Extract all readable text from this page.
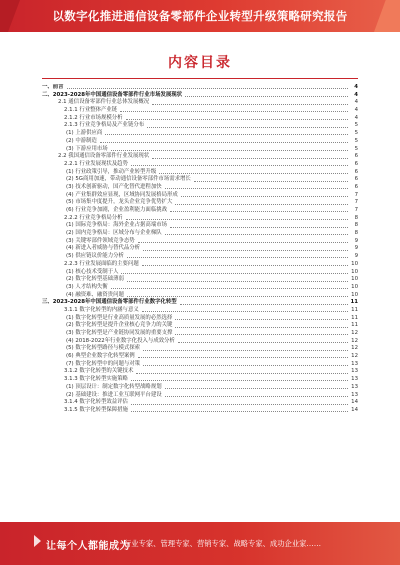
以数字化推进通信设备零部件企业转型升级策略研究报告
内容目录
一、前言	4
二、2023-2028年中国通信设备零部件行业市场发展现状	4
2.1 通信设备零部件行业总体发展概况	4
2.1.1 行业整体产业链	4
2.1.2 行业市场规模分析	4
2.1.3 行业竞争格局及产业链分布	5
(1) 上游供应商	5
(2) 中游制造	5
(3) 下游应用市场	5
2.2 我国通信设备零部件行业发展现状	6
2.2.1 行业发展现状及趋势	6
(1) 行业政策引导，推动产业转型升级	6
(2) 5G商用加速，带动通信设备零部件市场需求增长	6
(3) 技术创新驱动，国产化替代进程加快	6
(4) 产业集群效应显现，区域协同发展格局形成	7
(5) 市场集中度提升，龙头企业竞争优势扩大	7
(6) 行业竞争加剧，企业盈利能力面临挑战	7
2.2.2 行业竞争格局分析	8
(1) 国际竞争格局：海外企业占据高端市场	8
(2) 国内竞争格局：区域分布与企业梯队	8
(3) 关键零部件领域竞争态势	9
(4) 新进入者威胁与替代品分析	9
(5) 供应链议价能力分析	9
2.2.3 行业发展面临的主要问题	10
(1) 核心技术受制于人	10
(2) 数字化转型基础薄弱	10
(3) 人才结构失衡	10
(4) 融资难、融资贵问题	10
三、2023-2028年中国通信设备零部件行业数字化转型	11
3.1.1 数字化转型的内涵与意义	11
(1) 数字化转型是行业高质量发展的必然选择	11
(2) 数字化转型是提升企业核心竞争力的关键	11
(3) 数字化转型是产业链协同发展的重要支撑	12
(4) 2018-2022年行业数字化投入与成效分析	12
(5) 数字化转型路径与模式探索	12
(6) 典型企业数字化转型案例	12
(7) 数字化转型中的问题与对策	13
3.1.2 数字化转型的关键技术	13
3.1.3 数字化转型实施策略	13
(1) 顶层设计：制定数字化转型战略规划	13
(2) 基础建设：推进工业互联网平台建设	13
3.1.4 数字化转型效益评估	14
3.1.5 数字化转型保障措施	14
让每个人都能成为
行业专家、管理专家、营销专家、战略专家、成功企业家……
